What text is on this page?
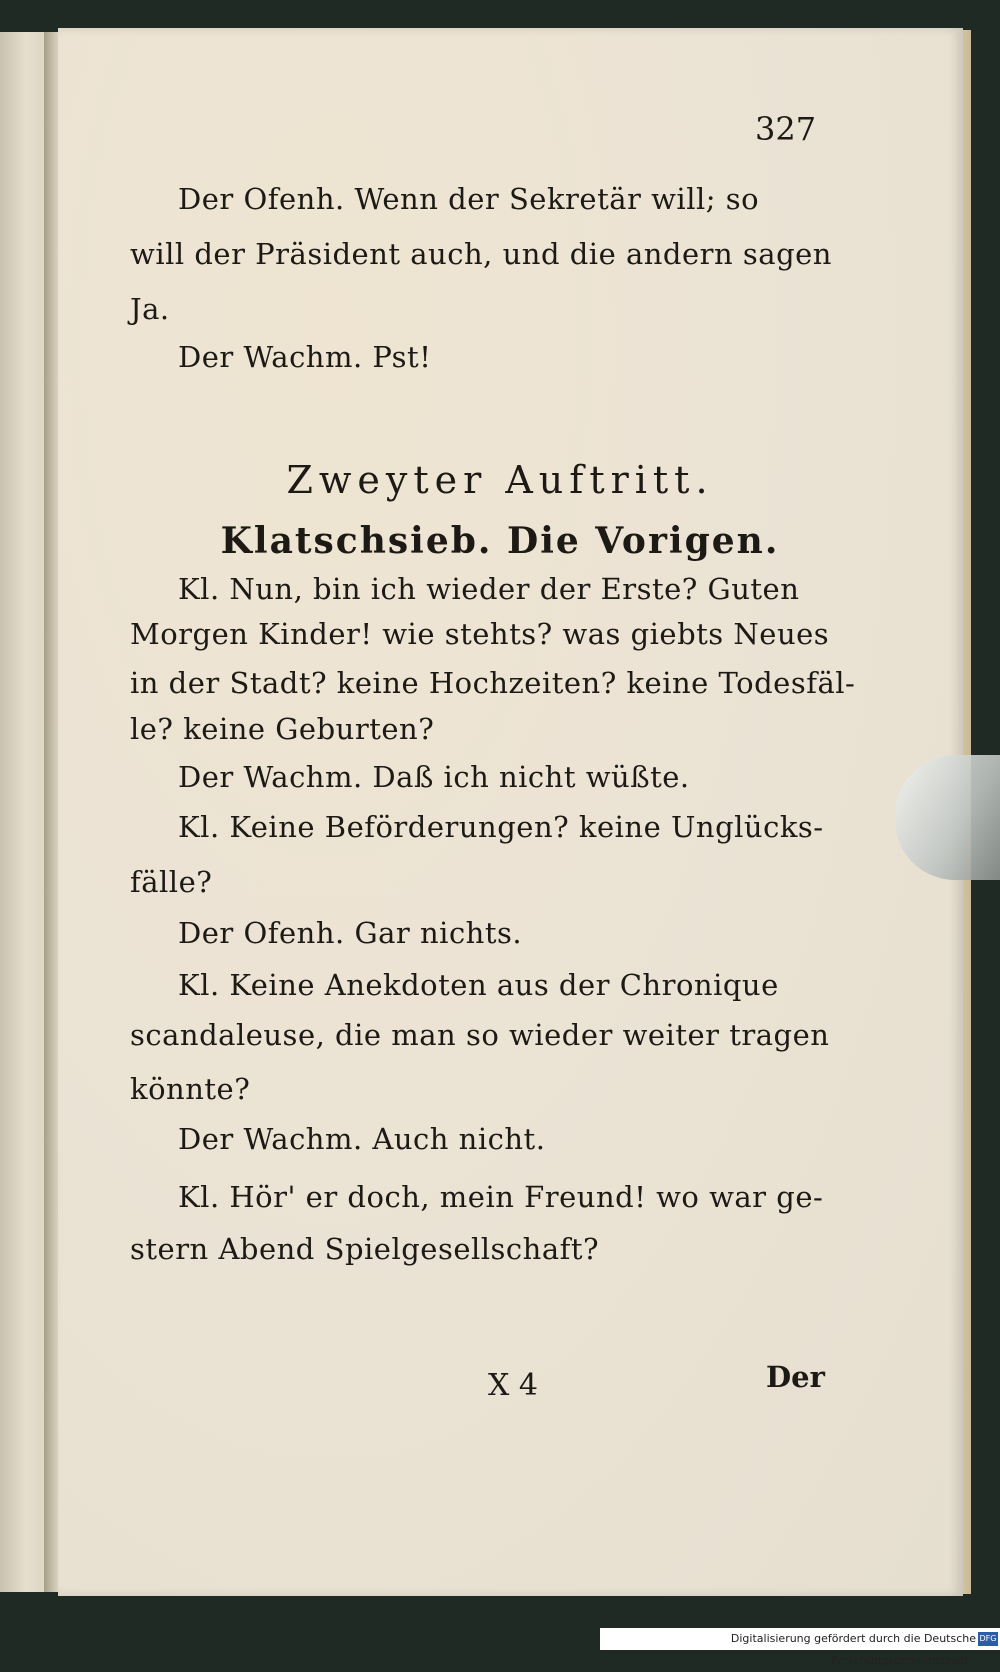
327
Der Ofenh. Wenn der Sekretär will; so
will der Präsident auch, und die andern sagen
Ja.
Der Wachm. Pst!
Zweyter Auftritt.
Klatschsieb. Die Vorigen.
Kl. Nun, bin ich wieder der Erste? Guten
Morgen Kinder! wie stehts? was giebts Neues
in der Stadt? keine Hochzeiten? keine Todesfäl-
le? keine Geburten?
Der Wachm. Daß ich nicht wüßte.
Kl. Keine Beförderungen? keine Unglücks-
fälle?
Der Ofenh. Gar nichts.
Kl. Keine Anekdoten aus der Chronique
scandaleuse, die man so wieder weiter tragen
könnte?
Der Wachm. Auch nicht.
Kl. Hör' er doch, mein Freund! wo war ge-
stern Abend Spielgesellschaft?
X 4	Der
Digitalisierung gefördert durch die Deutsche Forschungsgemeinschaft -
DFG
